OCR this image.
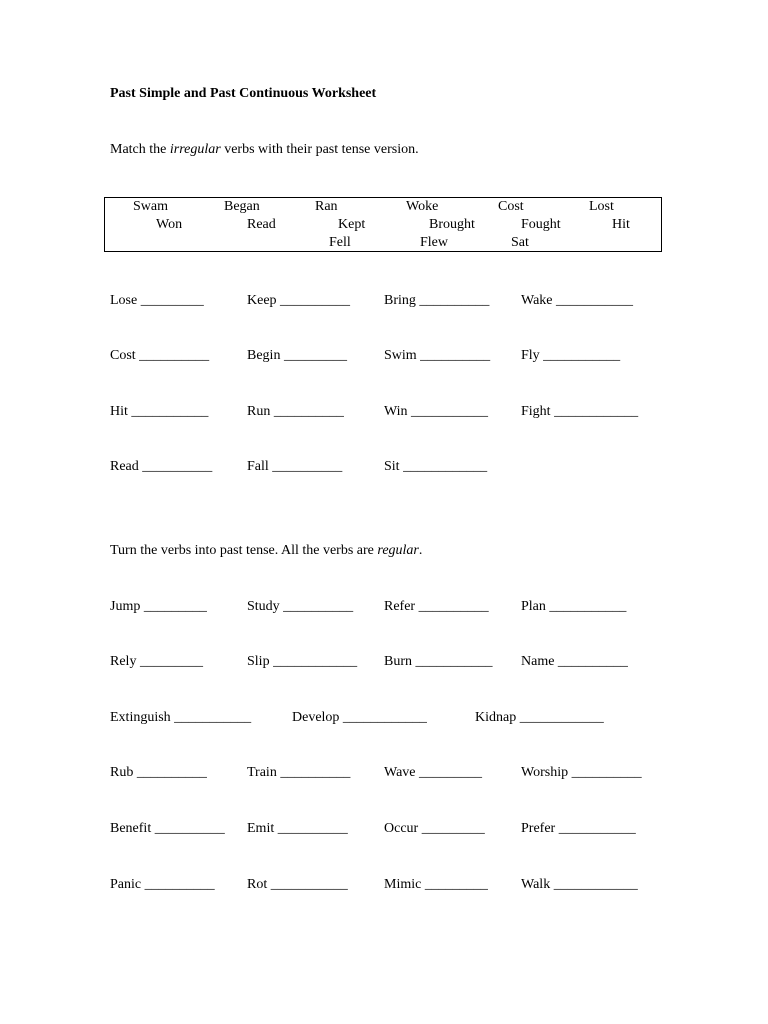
Past Simple and Past Continuous Worksheet

Match the irregular verbs with their past tense version.

Swam	Began	Ran	Woke	Cost	Lost
Won	Read	Kept	Brought	Fought	Hit
Fell	Flew	Sat
Lose _________	Keep __________ Bring __________ Wake ___________
Cost __________	Begin _________	Swim __________ Fly ___________
Hit ___________	Run __________	Win ___________ Fight ____________
Read __________ Fall __________	Sit ____________

Turn the verbs into past tense. All the verbs are regular.

Jump _________	Study __________ Refer __________ Plan ___________
Rely _________	Slip ____________ Burn ___________ Name __________
Extinguish ___________	Develop ____________	Kidnap ____________
Rub __________	Train __________ Wave _________	Worship __________
Benefit __________ Emit __________	Occur _________	Prefer ___________
Panic __________ Rot ___________	Mimic _________ Walk ____________
